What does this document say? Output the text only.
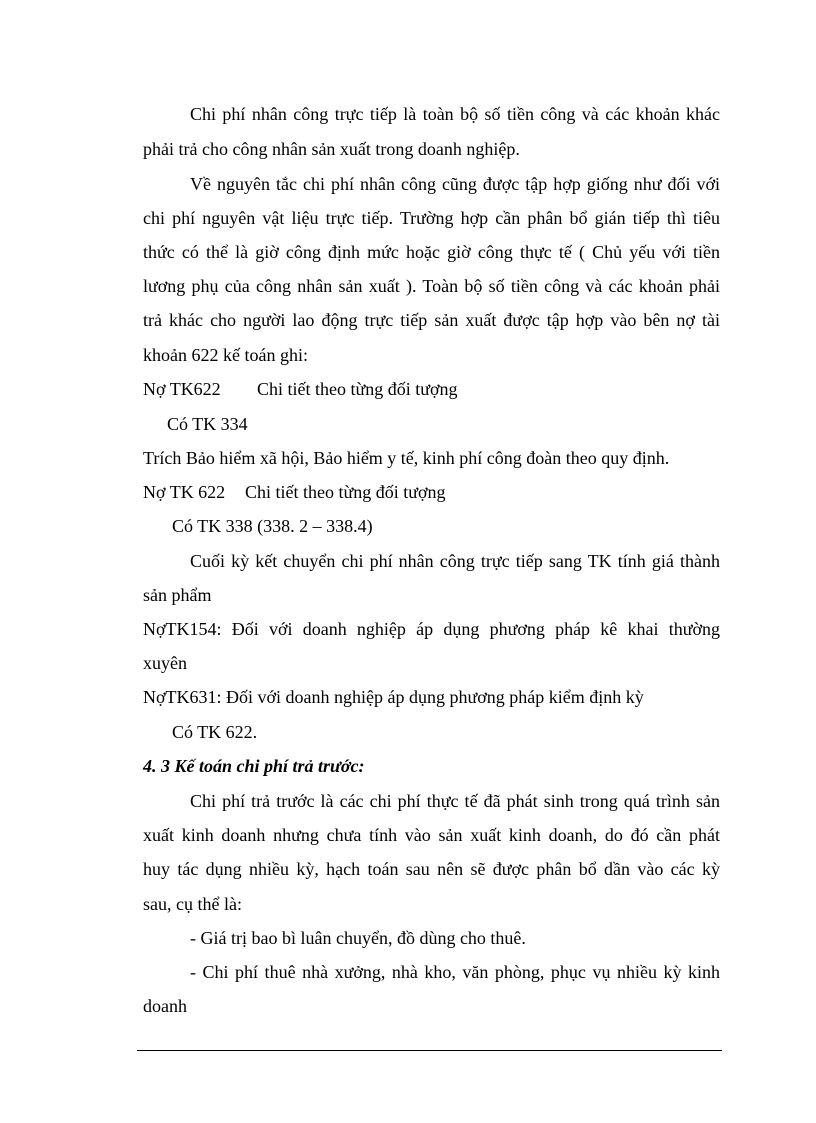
Chi phí nhân công trực tiếp là toàn bộ số tiền công và các khoản khác
phải trả cho công nhân sản xuất trong doanh nghiệp.
Về nguyên tắc chi phí nhân công cũng được tập hợp giống như đối với
chi phí nguyên vật liệu trực tiếp. Trường hợp cần phân bổ gián tiếp thì tiêu
thức có thể là giờ công định mức hoặc giờ công thực tế ( Chủ yếu với tiền
lương phụ của công nhân sản xuất ). Toàn bộ số tiền công và các khoản phải
trả khác cho người lao động trực tiếp sản xuất được tập hợp vào bên nợ tài
khoản 622 kế toán ghi:
Nợ TK622 Chi tiết theo từng đối tượng
Có TK 334
Trích Bảo hiểm xã hội, Bảo hiểm y tế, kinh phí công đoàn theo quy định.
Nợ TK 622 Chi tiết theo từng đối tượng
Có TK 338 (338. 2 – 338.4)
Cuối kỳ kết chuyển chi phí nhân công trực tiếp sang TK tính giá thành
sản phẩm
NợTK154: Đối với doanh nghiệp áp dụng phương pháp kê khai thường
xuyên
NợTK631: Đối với doanh nghiệp áp dụng phương pháp kiểm định kỳ
Có TK 622.
4. 3 Kế toán chi phí trả trước:
Chi phí trả trước là các chi phí thực tế đã phát sinh trong quá trình sản
xuất kinh doanh nhưng chưa tính vào sản xuất kinh doanh, do đó cần phát
huy tác dụng nhiều kỳ, hạch toán sau nên sẽ được phân bổ dần vào các kỳ
sau, cụ thể là:
- Giá trị bao bì luân chuyển, đồ dùng cho thuê.
- Chi phí thuê nhà xưởng, nhà kho, văn phòng, phục vụ nhiều kỳ kinh
doanh
